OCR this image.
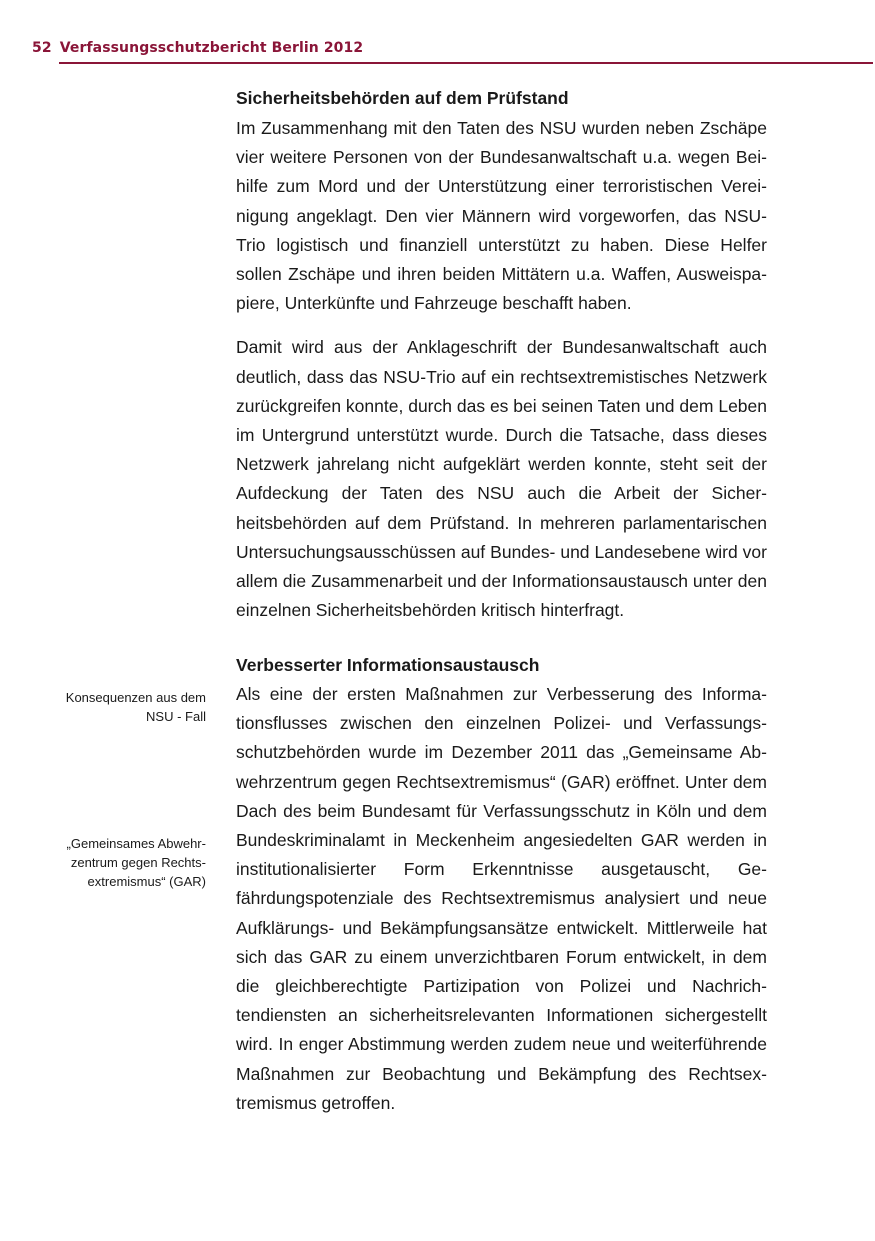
52 Verfassungsschutzbericht Berlin 2012
Sicherheitsbehörden auf dem Prüfstand

Im Zusammenhang mit den Taten des NSU wurden neben Zschäpe vier weitere Personen von der Bundesanwaltschaft u.a. wegen Beihilfe zum Mord und der Unterstützung einer terroristischen Vereinigung angeklagt. Den vier Männern wird vorgeworfen, das NSU-Trio logistisch und finanziell unterstützt zu haben. Diese Helfer sollen Zschäpe und ihren beiden Mittätern u.a. Waffen, Ausweispapiere, Unterkünfte und Fahrzeuge beschafft haben.

Damit wird aus der Anklageschrift der Bundesanwaltschaft auch deutlich, dass das NSU-Trio auf ein rechtsextremistisches Netzwerk zurückgreifen konnte, durch das es bei seinen Taten und dem Leben im Untergrund unterstützt wurde. Durch die Tatsache, dass dieses Netzwerk jahrelang nicht aufgeklärt werden konnte, steht seit der Aufdeckung der Taten des NSU auch die Arbeit der Sicherheitsbehörden auf dem Prüfstand. In mehreren parlamentarischen Untersuchungsausschüssen auf Bundes- und Landesebene wird vor allem die Zusammenarbeit und der Informationsaustausch unter den einzelnen Sicherheitsbehörden kritisch hinterfragt.

Verbesserter Informationsaustausch

Als eine der ersten Maßnahmen zur Verbesserung des Informationsflusses zwischen den einzelnen Polizei- und Verfassungsschutzbehörden wurde im Dezember 2011 das „Gemeinsame Abwehrzentrum gegen Rechtsextremismus“ (GAR) eröffnet. Unter dem Dach des beim Bundesamt für Verfassungsschutz in Köln und dem Bundeskriminalamt in Meckenheim angesiedelten GAR werden in institutionalisierter Form Erkenntnisse ausgetauscht, Gefährdungspotenziale des Rechtsextremismus analysiert und neue Aufklärungs- und Bekämpfungsansätze entwickelt. Mittlerweile hat sich das GAR zu einem unverzichtbaren Forum entwickelt, in dem die gleichberechtigte Partizipation von Polizei und Nachrichtendiensten an sicherheitsrelevanten Informationen sichergestellt wird. In enger Abstimmung werden zudem neue und weiterführende Maßnahmen zur Beobachtung und Bekämpfung des Rechtsextremismus getroffen.

Konsequenzen aus dem NSU - Fall
„Gemeinsames Abwehrzentrum gegen Rechtsextremismus“ (GAR)
